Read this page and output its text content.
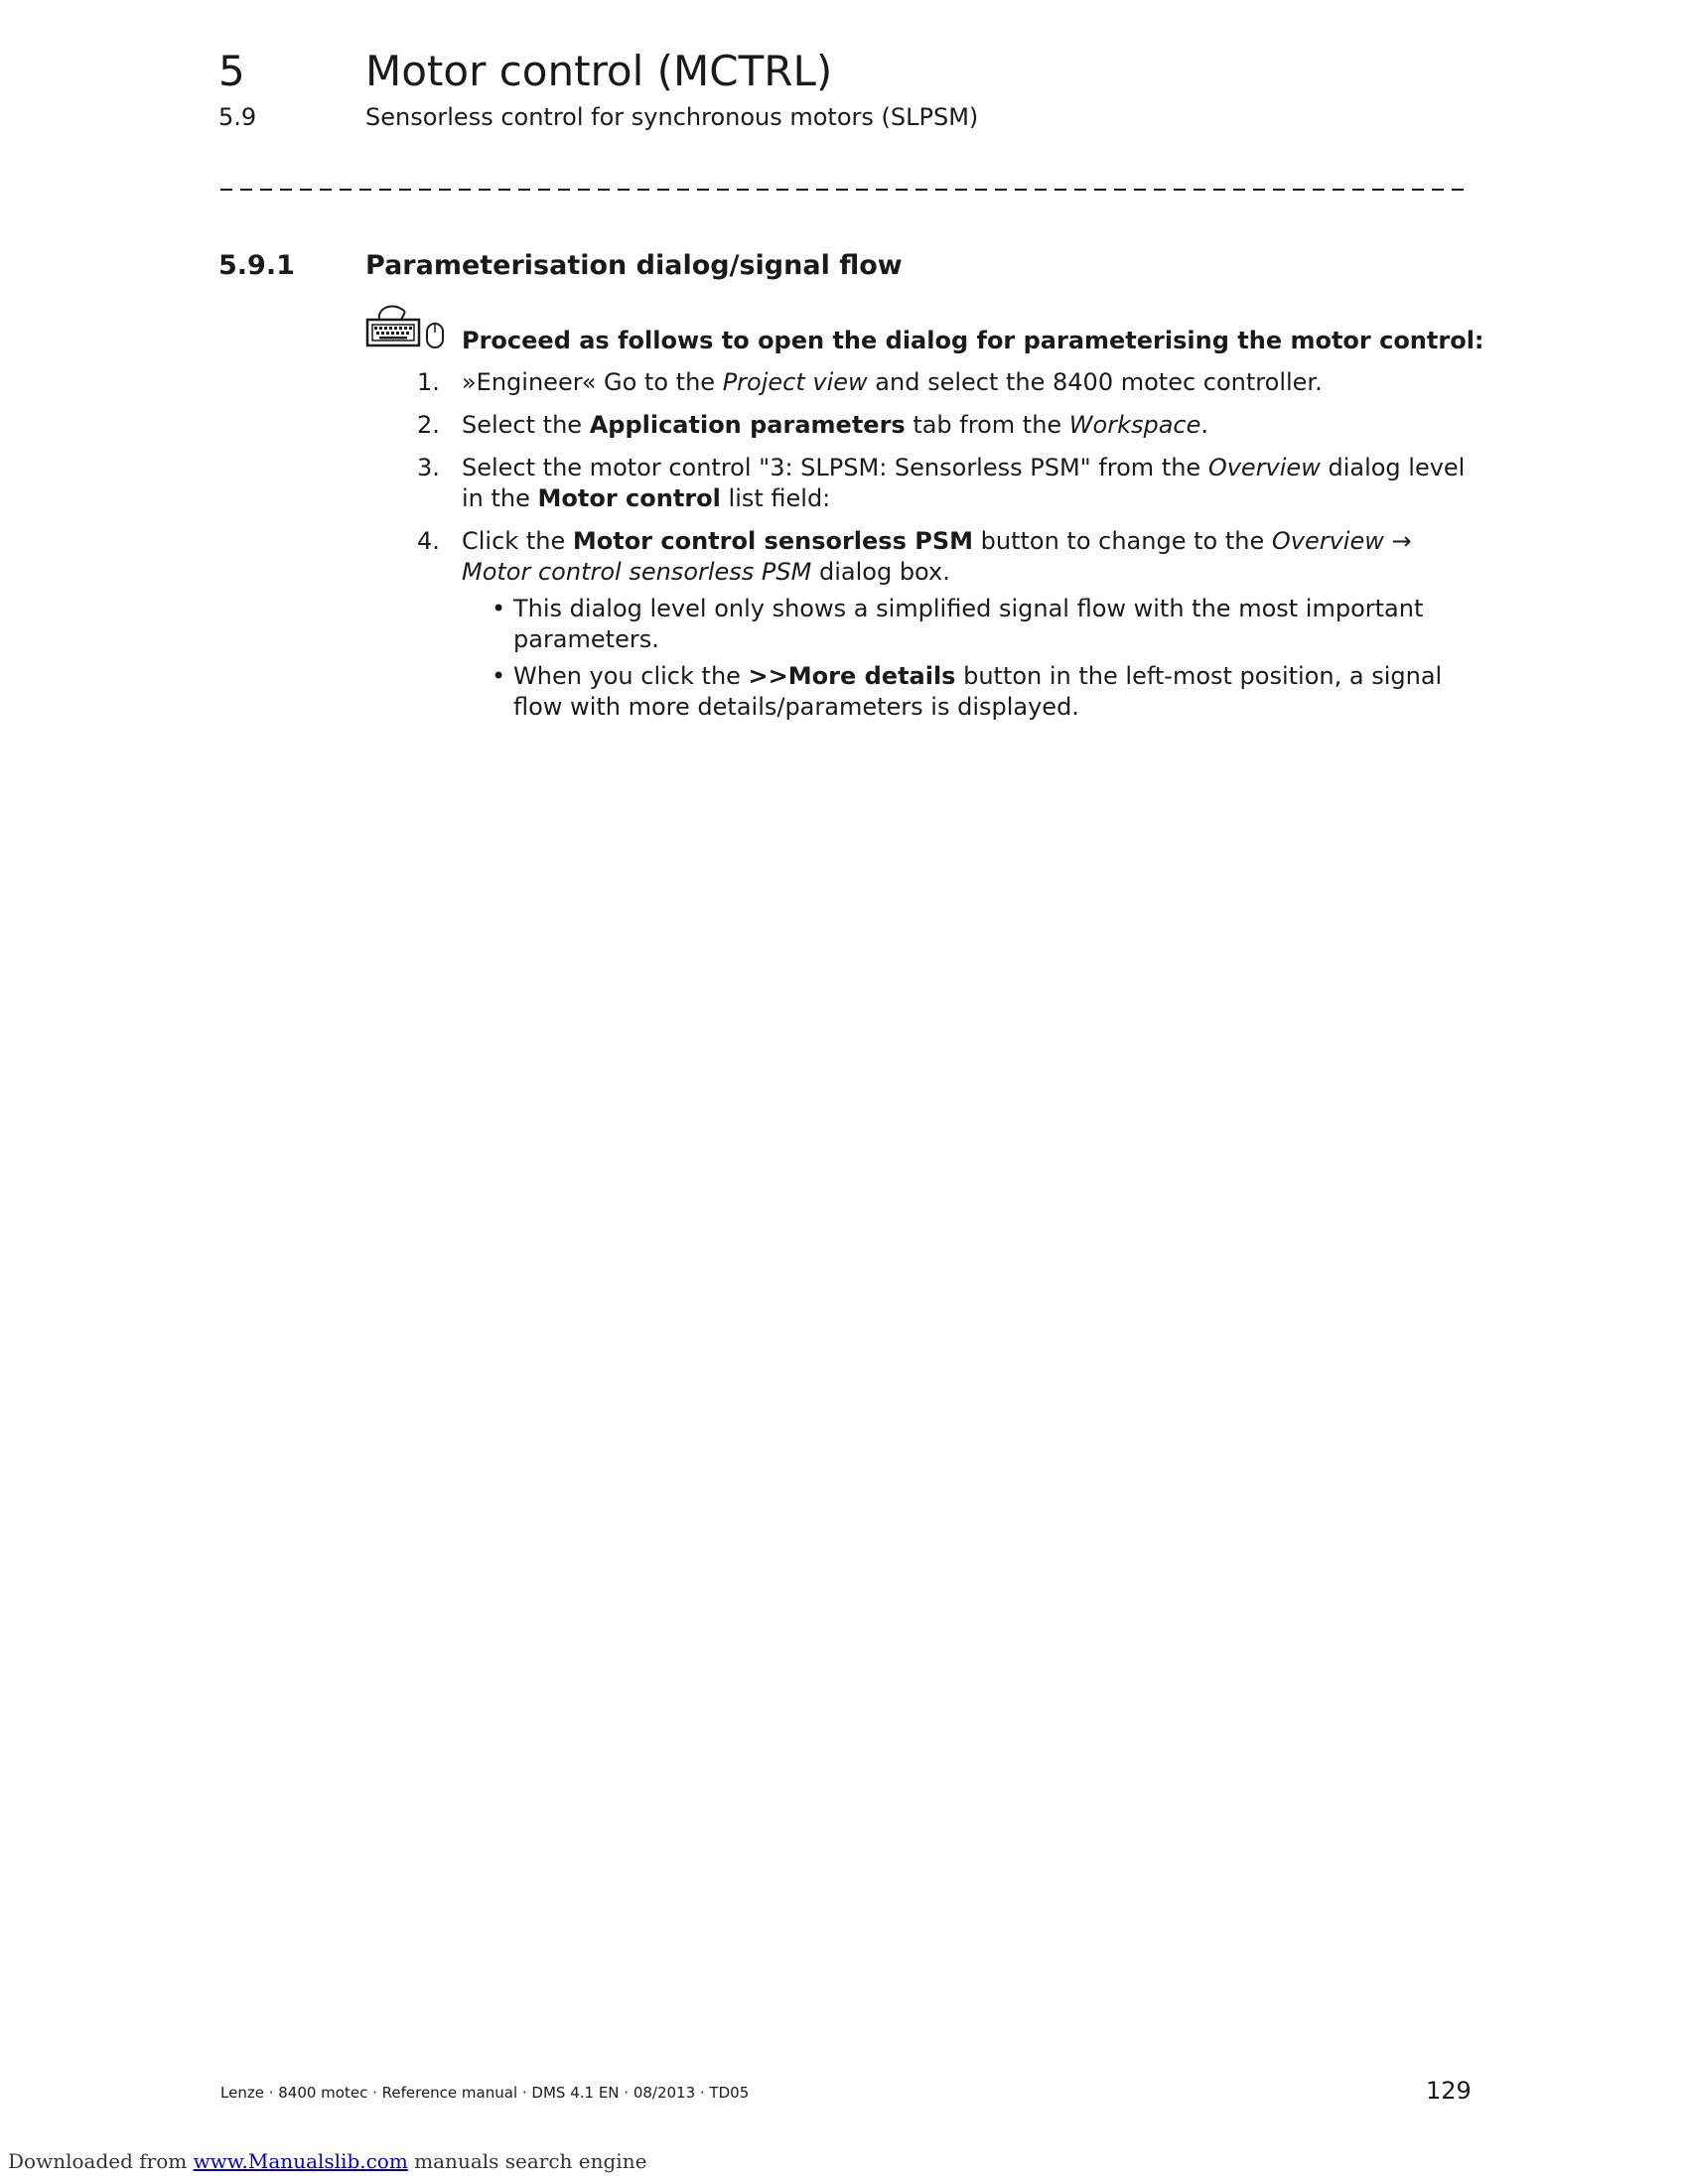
5	Motor control (MCTRL)
5.9	Sensorless control for synchronous motors (SLPSM)
5.9.1	Parameterisation dialog/signal flow
Proceed as follows to open the dialog for parameterising the motor control:
1. »Engineer« Go to the Project view and select the 8400 motec controller.
2. Select the Application parameters tab from the Workspace.
3. Select the motor control "3: SLPSM: Sensorless PSM" from the Overview dialog level in the Motor control list field:
4. Click the Motor control sensorless PSM button to change to the Overview → Motor control sensorless PSM dialog box.
• This dialog level only shows a simplified signal flow with the most important parameters.
• When you click the >>More details button in the left-most position, a signal flow with more details/parameters is displayed.
Lenze · 8400 motec · Reference manual · DMS 4.1 EN · 08/2013 · TD05	129
Downloaded from www.Manualslib.com manuals search engine
